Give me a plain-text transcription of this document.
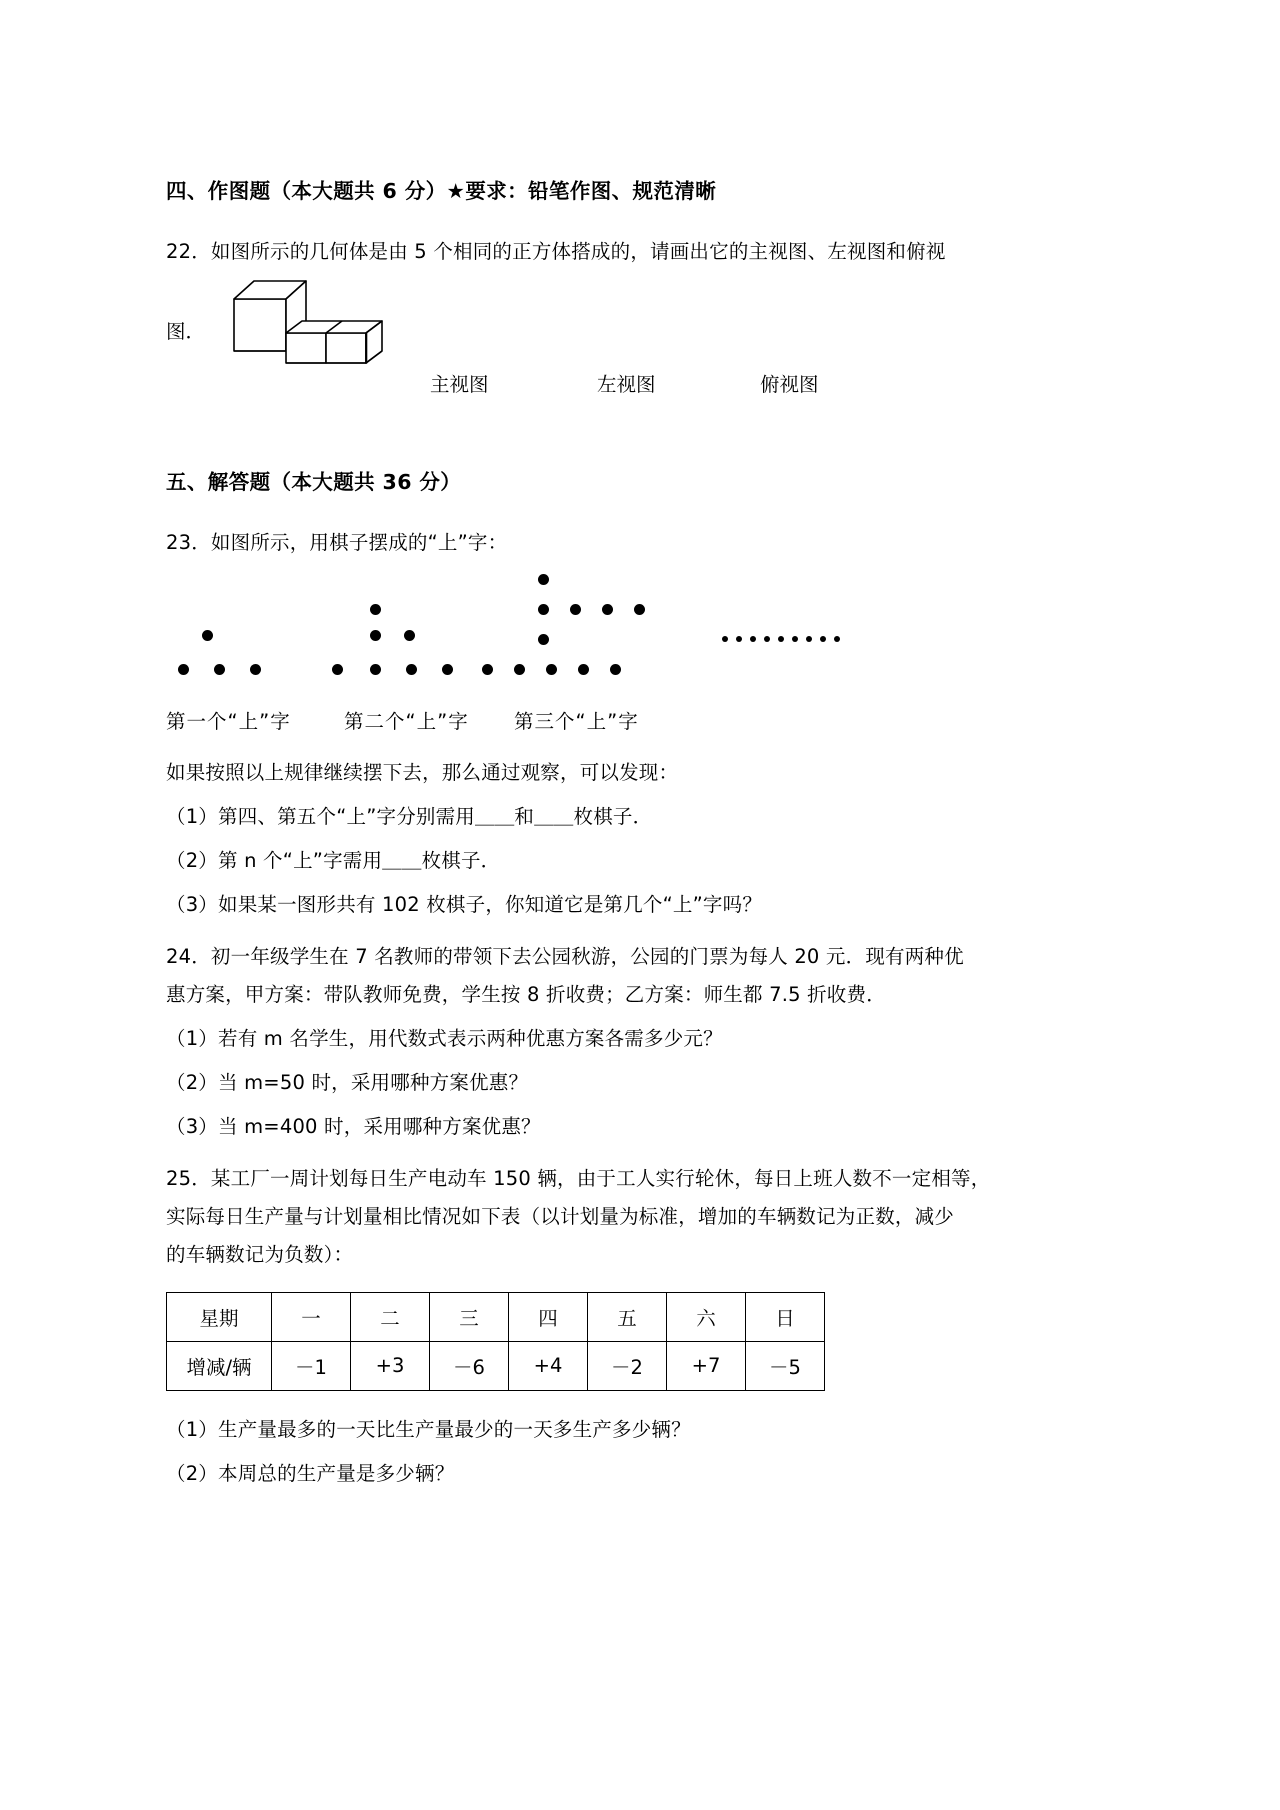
四、作图题（本大题共 6 分）★要求：铅笔作图、规范清晰
22．如图所示的几何体是由 5 个相同的正方体搭成的，请画出它的主视图、左视图和俯视
图．
主视图	左视图	俯视图
五、解答题（本大题共 36 分）
23．如图所示，用棋子摆成的“上”字：
第一个“上”字	第二个“上”字 第三个“上”字
如果按照以上规律继续摆下去，那么通过观察，可以发现：
（1）第四、第五个“上”字分别需用＿＿和＿＿枚棋子．
（2）第 n 个“上”字需用＿＿枚棋子．
（3）如果某一图形共有 102 枚棋子，你知道它是第几个“上”字吗？
24．初一年级学生在 7 名教师的带领下去公园秋游，公园的门票为每人 20 元．现有两种优
惠方案，甲方案：带队教师免费，学生按 8 折收费；乙方案：师生都 7.5 折收费．
（1）若有 m 名学生，用代数式表示两种优惠方案各需多少元？
（2）当 m=50 时，采用哪种方案优惠？
（3）当 m=400 时，采用哪种方案优惠？
25．某工厂一周计划每日生产电动车 150 辆，由于工人实行轮休，每日上班人数不一定相等，
实际每日生产量与计划量相比情况如下表（以计划量为标准，增加的车辆数记为正数，减少
的车辆数记为负数）：
星期	一	二	三	四	五	六	日
增减/辆	－1	+3	－6	+4	－2	+7	－5
（1）生产量最多的一天比生产量最少的一天多生产多少辆？
（2）本周总的生产量是多少辆？
